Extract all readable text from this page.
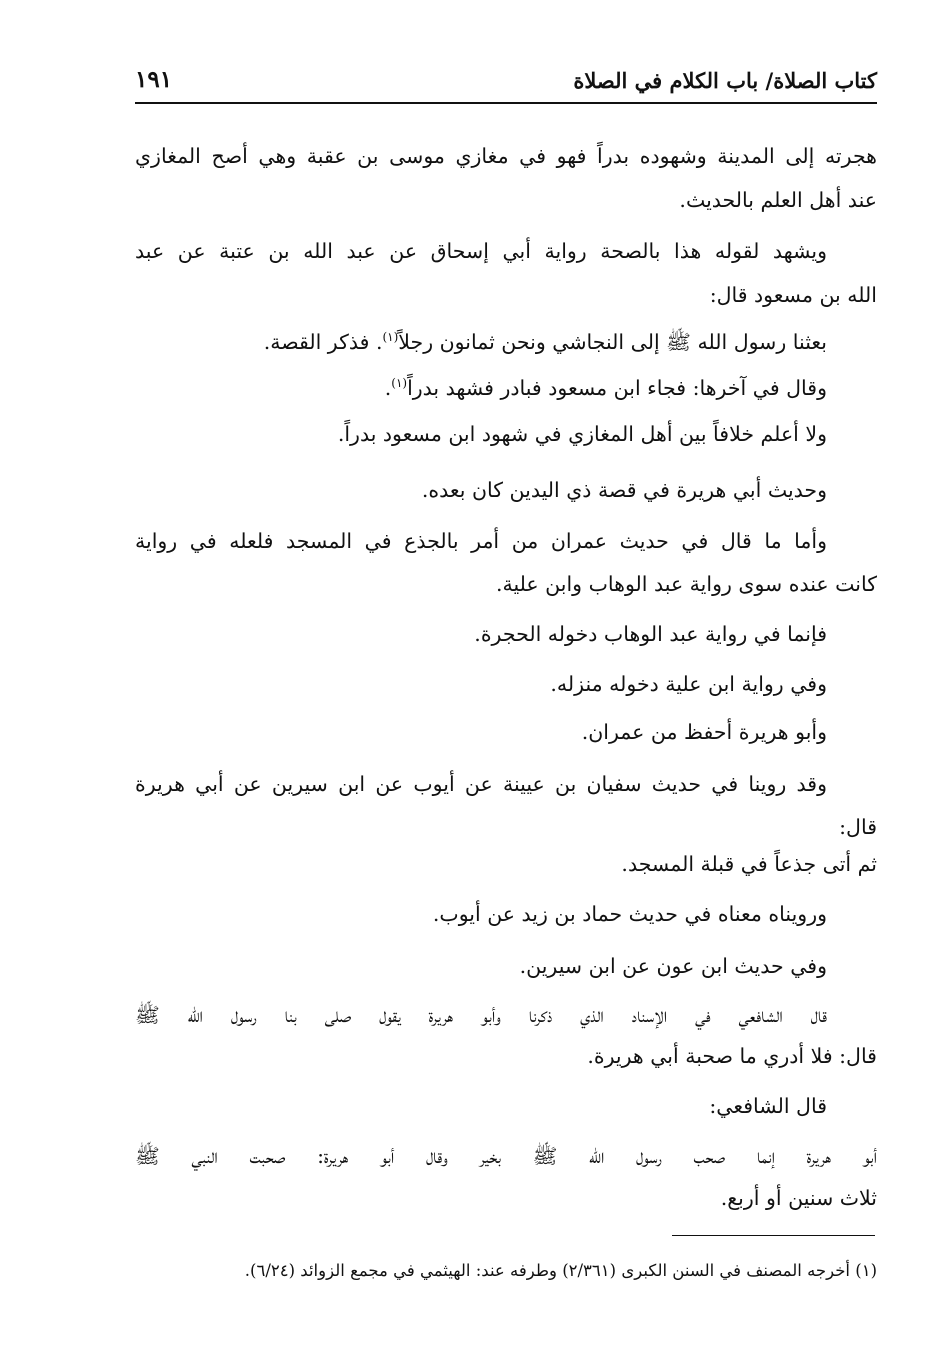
كتاب الصلاة/ باب الكلام في الصلاة
١٩١
هجرته إلى المدينة وشهوده بدراً فهو في مغازي موسى بن عقبة وهي أصح المغازي
عند أهل العلم بالحديث.
ويشهد لقوله هذا بالصحة رواية أبي إسحاق عن عبد الله بن عتبة عن عبد
الله بن مسعود قال:
بعثنا رسول الله ﷺ إلى النجاشي ونحن ثمانون رجلاً$^{(١)}$. فذكر القصة.
وقال في آخرها: فجاء ابن مسعود فبادر فشهد بدراً$^{(١)}$.
ولا أعلم خلافاً بين أهل المغازي في شهود ابن مسعود بدراً.
وحديث أبي هريرة في قصة ذي اليدين كان بعده.
وأما ما قال في حديث عمران من أمر بالجذع في المسجد فلعله في رواية
كانت عنده سوى رواية عبد الوهاب وابن علية.
فإنما في رواية عبد الوهاب دخوله الحجرة.
وفي رواية ابن علية دخوله منزله.
وأبو هريرة أحفظ من عمران.
وقد روينا في حديث سفيان بن عيينة عن أيوب عن ابن سيرين عن أبي هريرة
قال:
ثم أتى جذعاً في قبلة المسجد.
ورويناه معناه في حديث حماد بن زيد عن أيوب.
وفي حديث ابن عون عن ابن سيرين.
قال الشافعي في الإسناد الذي ذكرنا وأبو هريرة يقول صلى بنا رسول الله ﷺ
قال: فلا أدري ما صحبة أبي هريرة.
قال الشافعي:
أبو هريرة إنما صحب رسول الله ﷺ بخير وقال أبو هريرة: صحبت النبي ﷺ
ثلاث سنين أو أربع.
(١) أخرجه المصنف في السنن الكبرى (٢/٣٦١) وطرفه عند: الهيثمي في مجمع الزوائد (٦/٢٤).
